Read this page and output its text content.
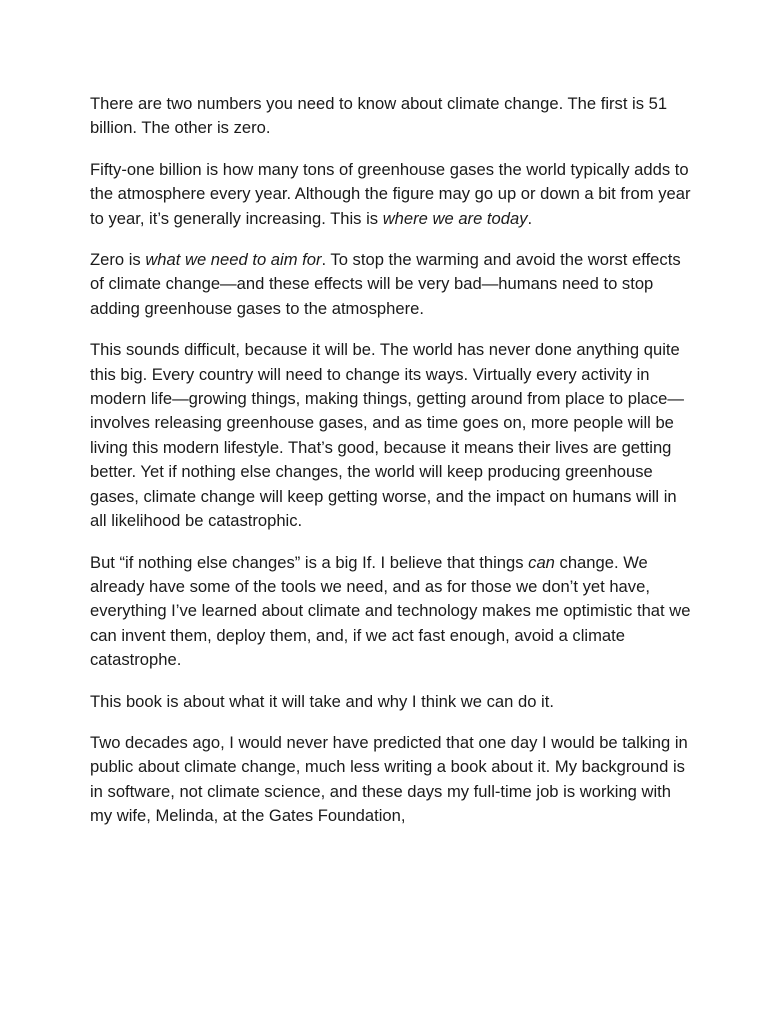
There are two numbers you need to know about climate change. The first is 51 billion. The other is zero.

Fifty-one billion is how many tons of greenhouse gases the world typically adds to the atmosphere every year. Although the figure may go up or down a bit from year to year, it’s generally increasing. This is where we are today.

Zero is what we need to aim for. To stop the warming and avoid the worst effects of climate change—and these effects will be very bad—humans need to stop adding greenhouse gases to the atmosphere.

This sounds difficult, because it will be. The world has never done anything quite this big. Every country will need to change its ways. Virtually every activity in modern life—growing things, making things, getting around from place to place—involves releasing greenhouse gases, and as time goes on, more people will be living this modern lifestyle. That’s good, because it means their lives are getting better. Yet if nothing else changes, the world will keep producing greenhouse gases, climate change will keep getting worse, and the impact on humans will in all likelihood be catastrophic.

But “if nothing else changes” is a big If. I believe that things can change. We already have some of the tools we need, and as for those we don’t yet have, everything I’ve learned about climate and technology makes me optimistic that we can invent them, deploy them, and, if we act fast enough, avoid a climate catastrophe.

This book is about what it will take and why I think we can do it.

Two decades ago, I would never have predicted that one day I would be talking in public about climate change, much less writing a book about it. My background is in software, not climate science, and these days my full-time job is working with my wife, Melinda, at the Gates Foundation,
